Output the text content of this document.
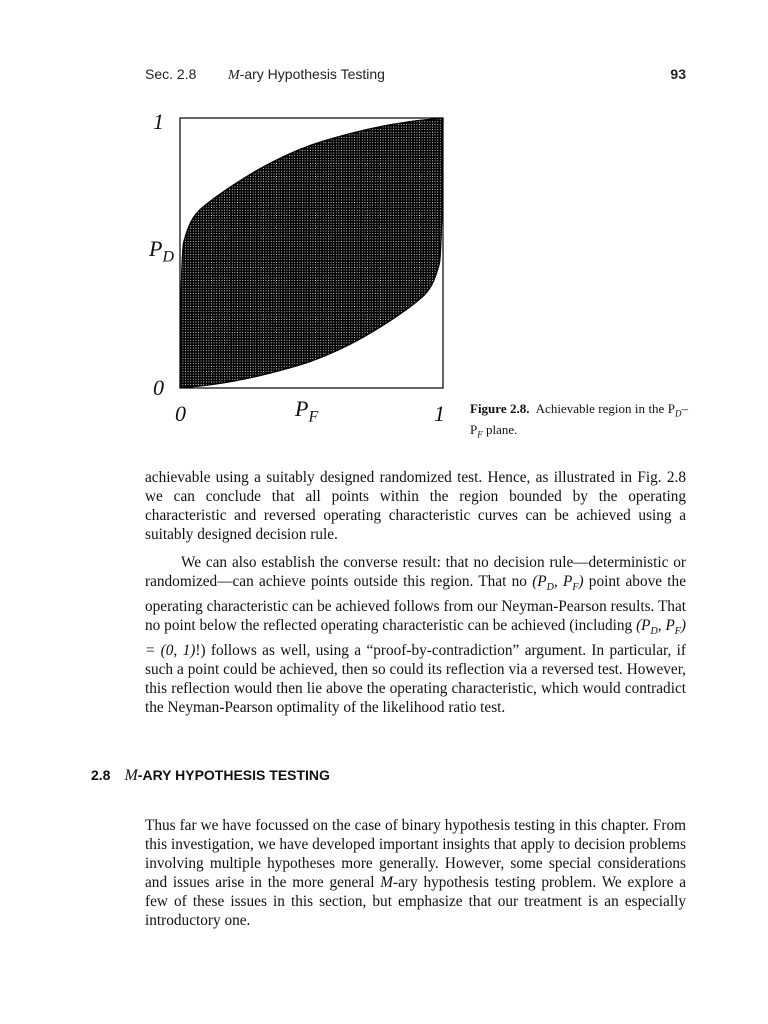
Sec. 2.8 M-ary Hypothesis Testing	93
1
$P_D$
0
0	$P_F$	1 Figure 2.8. Achievable region in the $P_D-P_F$ plane.

achievable using a suitably designed randomized test. Hence, as illustrated in Fig. 2.8 we can conclude that all points within the region bounded by the operating characteristic and reversed operating characteristic curves can be achieved using a suitably designed decision rule.

We can also establish the converse result: that no decision rule—deterministic or randomized—can achieve points outside this region. That no ($P_D$, $P_F$) point above the operating characteristic can be achieved follows from our Neyman-Pearson results. That no point below the reflected operating characteristic can be achieved (including ($P_D$, $P_F) = (0$, 1)!) follows as well, using a “proof-by-contradiction” argument. In particular, if such a point could be achieved, then so could its reflection via a reversed test. However, this reflection would then lie above the operating characteristic, which would contradict the Neyman-Pearson optimality of the likelihood ratio test.

2.8 M-ARY HYPOTHESIS TESTING

Thus far we have focussed on the case of binary hypothesis testing in this chapter. From this investigation, we have developed important insights that apply to decision problems involving multiple hypotheses more generally. However, some special considerations and issues arise in the more general M-ary hypothesis testing problem. We explore a few of these issues in this section, but emphasize that our treatment is an especially introductory one.
